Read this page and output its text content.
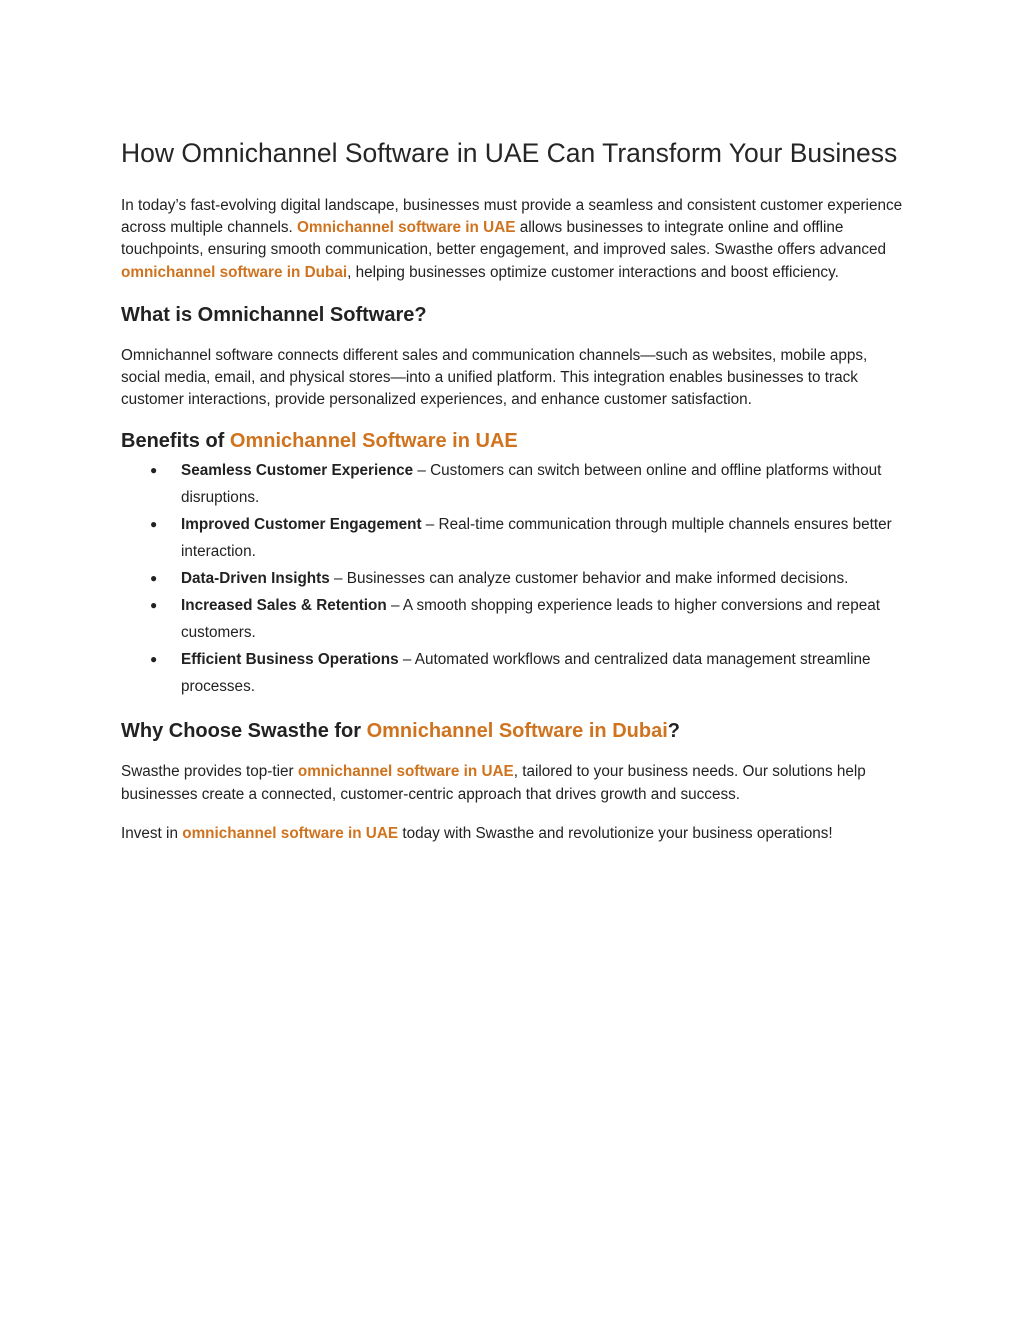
How Omnichannel Software in UAE Can Transform Your Business

In today’s fast-evolving digital landscape, businesses must provide a seamless and consistent customer experience across multiple channels. Omnichannel software in UAE allows businesses to integrate online and offline touchpoints, ensuring smooth communication, better engagement, and improved sales. Swasthe offers advanced omnichannel software in Dubai, helping businesses optimize customer interactions and boost efficiency.

What is Omnichannel Software?

Omnichannel software connects different sales and communication channels—such as websites, mobile apps, social media, email, and physical stores—into a unified platform. This integration enables businesses to track customer interactions, provide personalized experiences, and enhance customer satisfaction.

Benefits of Omnichannel Software in UAE
● Seamless Customer Experience – Customers can switch between online and offline platforms without disruptions.
● Improved Customer Engagement – Real-time communication through multiple channels ensures better interaction.
● Data-Driven Insights – Businesses can analyze customer behavior and make informed decisions.
● Increased Sales & Retention – A smooth shopping experience leads to higher conversions and repeat customers.
● Efficient Business Operations – Automated workflows and centralized data management streamline processes.
Why Choose Swasthe for Omnichannel Software in Dubai?

Swasthe provides top-tier omnichannel software in UAE, tailored to your business needs. Our solutions help businesses create a connected, customer-centric approach that drives growth and success.

Invest in omnichannel software in UAE today with Swasthe and revolutionize your business operations!
